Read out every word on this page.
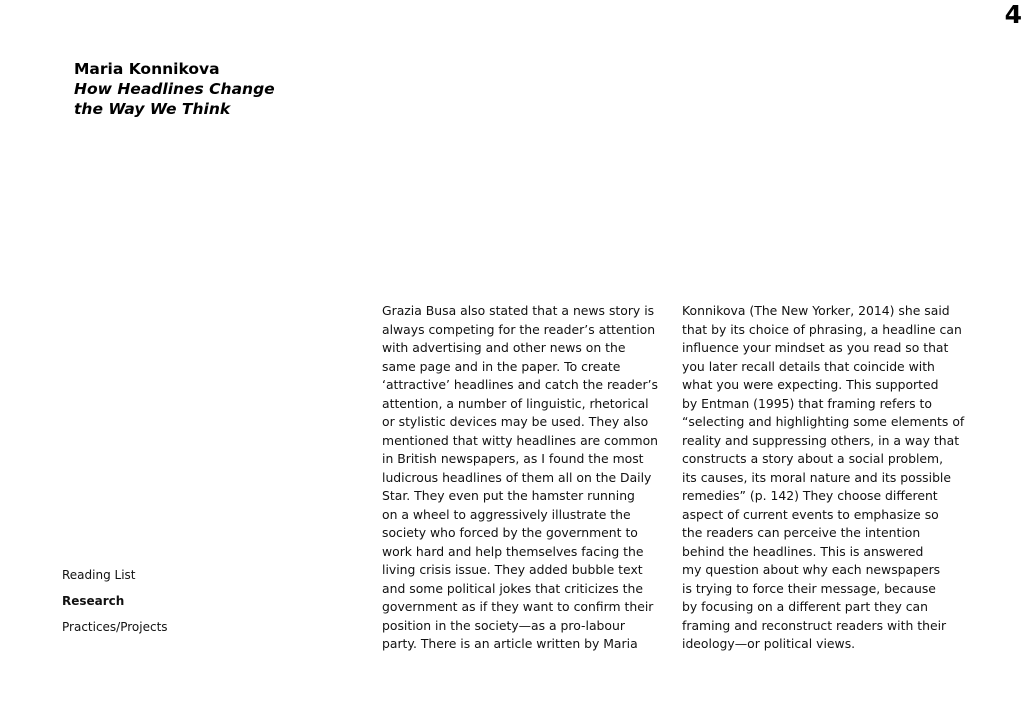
4
Maria Konnikova
How Headlines Change
the Way We Think
Reading List
Research
Practices/Projects
Grazia Busa also stated that a news story is
always competing for the reader’s attention
with advertising and other news on the
same page and in the paper. To create
‘attractive’ headlines and catch the reader’s
attention, a number of linguistic, rhetorical
or stylistic devices may be used. They also
mentioned that witty headlines are common
in British newspapers, as I found the most
ludicrous headlines of them all on the Daily
Star. They even put the hamster running
on a wheel to aggressively illustrate the
society who forced by the government to
work hard and help themselves facing the
living crisis issue. They added bubble text
and some political jokes that criticizes the
government as if they want to confirm their
position in the society—as a pro-labour
party. There is an article written by Maria
Konnikova (The New Yorker, 2014) she said
that by its choice of phrasing, a headline can
influence your mindset as you read so that
you later recall details that coincide with
what you were expecting. This supported
by Entman (1995) that framing refers to
“selecting and highlighting some elements of
reality and suppressing others, in a way that
constructs a story about a social problem,
its causes, its moral nature and its possible
remedies” (p. 142) They choose different
aspect of current events to emphasize so
the readers can perceive the intention
behind the headlines. This is answered
my question about why each newspapers
is trying to force their message, because
by focusing on a different part they can
framing and reconstruct readers with their
ideology—or political views.
